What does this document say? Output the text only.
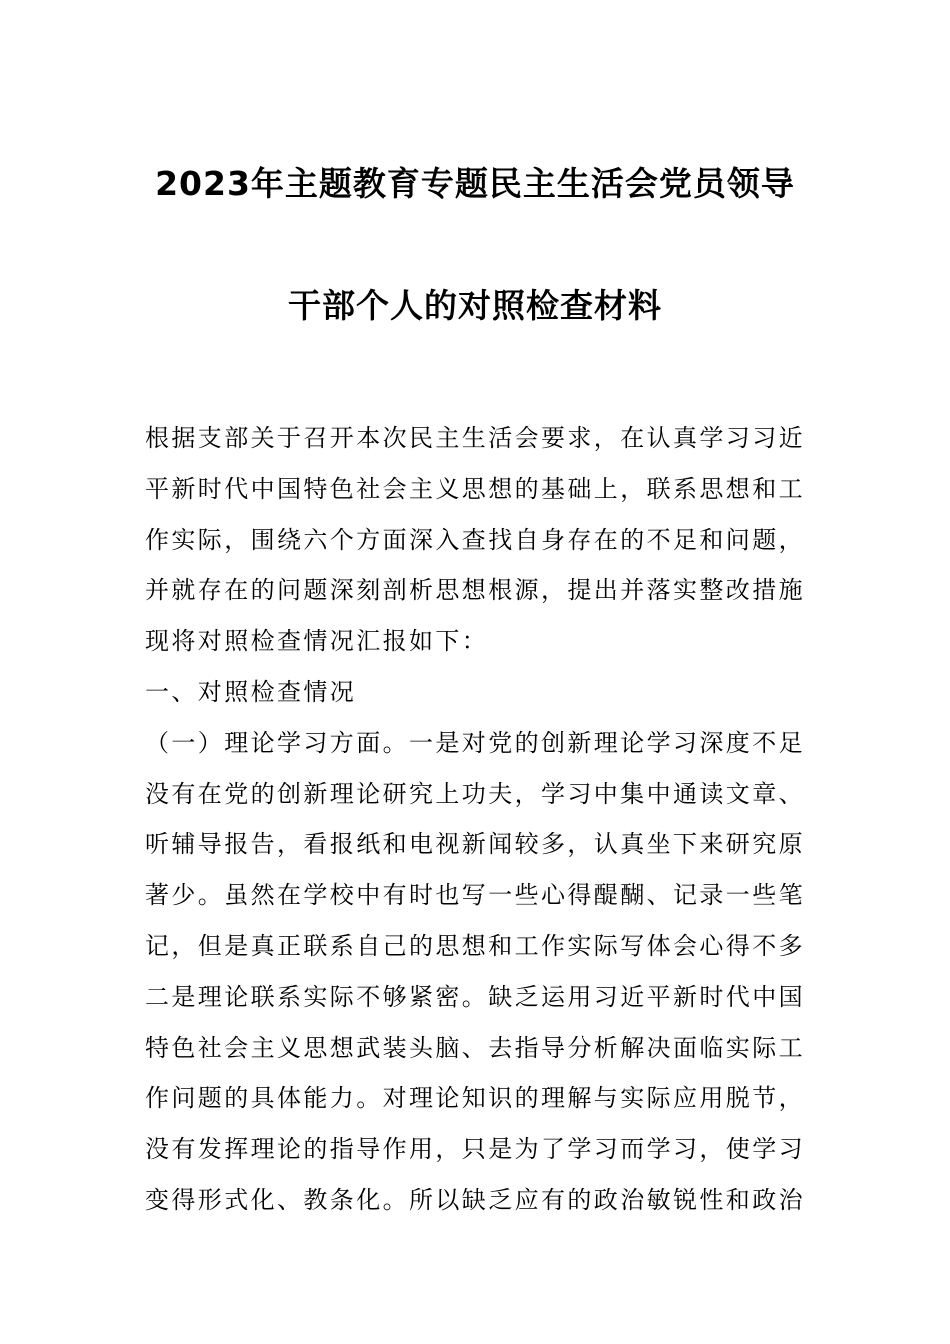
2023年主题教育专题民主生活会党员领导
干部个人的对照检查材料
根据支部关于召开本次民主生活会要求，在认真学习习近
平新时代中国特色社会主义思想的基础上，联系思想和工
作实际，围绕六个方面深入查找自身存在的不足和问题，
并就存在的问题深刻剖析思想根源，提出并落实整改措施
现将对照检查情况汇报如下：
一、对照检查情况
（一）理论学习方面。一是对党的创新理论学习深度不足
没有在党的创新理论研究上功夫，学习中集中通读文章、
听辅导报告，看报纸和电视新闻较多，认真坐下来研究原
著少。虽然在学校中有时也写一些心得醍醐、记录一些笔
记，但是真正联系自己的思想和工作实际写体会心得不多
二是理论联系实际不够紧密。缺乏运用习近平新时代中国
特色社会主义思想武装头脑、去指导分析解决面临实际工
作问题的具体能力。对理论知识的理解与实际应用脱节，
没有发挥理论的指导作用，只是为了学习而学习，使学习
变得形式化、教条化。所以缺乏应有的政治敏锐性和政治
